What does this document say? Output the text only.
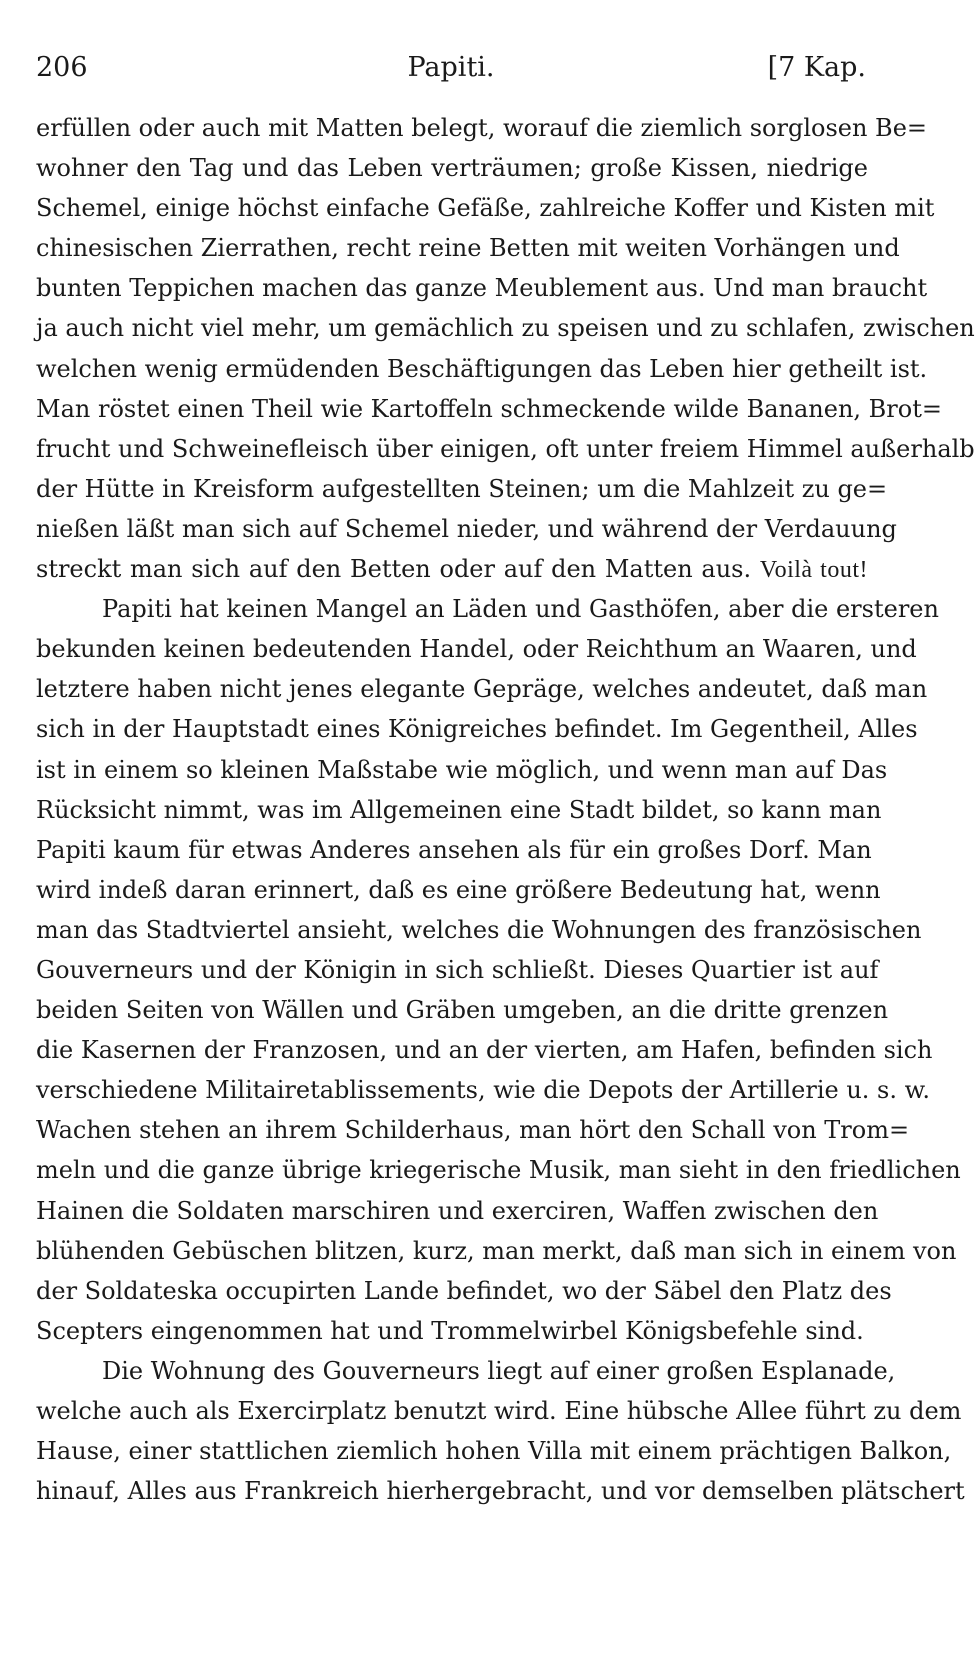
206	Papiti.	[7 Kap.
erfüllen oder auch mit Matten belegt, worauf die ziemlich sorglosen Be=
wohner den Tag und das Leben verträumen; große Kissen, niedrige
Schemel, einige höchst einfache Gefäße, zahlreiche Koffer und Kisten mit
chinesischen Zierrathen, recht reine Betten mit weiten Vorhängen und
bunten Teppichen machen das ganze Meublement aus. Und man braucht
ja auch nicht viel mehr, um gemächlich zu speisen und zu schlafen, zwischen
welchen wenig ermüdenden Beschäftigungen das Leben hier getheilt ist.
Man röstet einen Theil wie Kartoffeln schmeckende wilde Bananen, Brot=
frucht und Schweinefleisch über einigen, oft unter freiem Himmel außerhalb
der Hütte in Kreisform aufgestellten Steinen; um die Mahlzeit zu ge=
nießen läßt man sich auf Schemel nieder, und während der Verdauung
streckt man sich auf den Betten oder auf den Matten aus. Voilà tout!
Papiti hat keinen Mangel an Läden und Gasthöfen, aber die ersteren
bekunden keinen bedeutenden Handel, oder Reichthum an Waaren, und
letztere haben nicht jenes elegante Gepräge, welches andeutet, daß man
sich in der Hauptstadt eines Königreiches befindet. Im Gegentheil, Alles
ist in einem so kleinen Maßstabe wie möglich, und wenn man auf Das
Rücksicht nimmt, was im Allgemeinen eine Stadt bildet, so kann man
Papiti kaum für etwas Anderes ansehen als für ein großes Dorf. Man
wird indeß daran erinnert, daß es eine größere Bedeutung hat, wenn
man das Stadtviertel ansieht, welches die Wohnungen des französischen
Gouverneurs und der Königin in sich schließt. Dieses Quartier ist auf
beiden Seiten von Wällen und Gräben umgeben, an die dritte grenzen
die Kasernen der Franzosen, und an der vierten, am Hafen, befinden sich
verschiedene Militairetablissements, wie die Depots der Artillerie u. s. w.
Wachen stehen an ihrem Schilderhaus, man hört den Schall von Trom=
meln und die ganze übrige kriegerische Musik, man sieht in den friedlichen
Hainen die Soldaten marschiren und exerciren, Waffen zwischen den
blühenden Gebüschen blitzen, kurz, man merkt, daß man sich in einem von
der Soldateska occupirten Lande befindet, wo der Säbel den Platz des
Scepters eingenommen hat und Trommelwirbel Königsbefehle sind.
Die Wohnung des Gouverneurs liegt auf einer großen Esplanade,
welche auch als Exercirplatz benutzt wird. Eine hübsche Allee führt zu dem
Hause, einer stattlichen ziemlich hohen Villa mit einem prächtigen Balkon,
hinauf, Alles aus Frankreich hierhergebracht, und vor demselben plätschert
